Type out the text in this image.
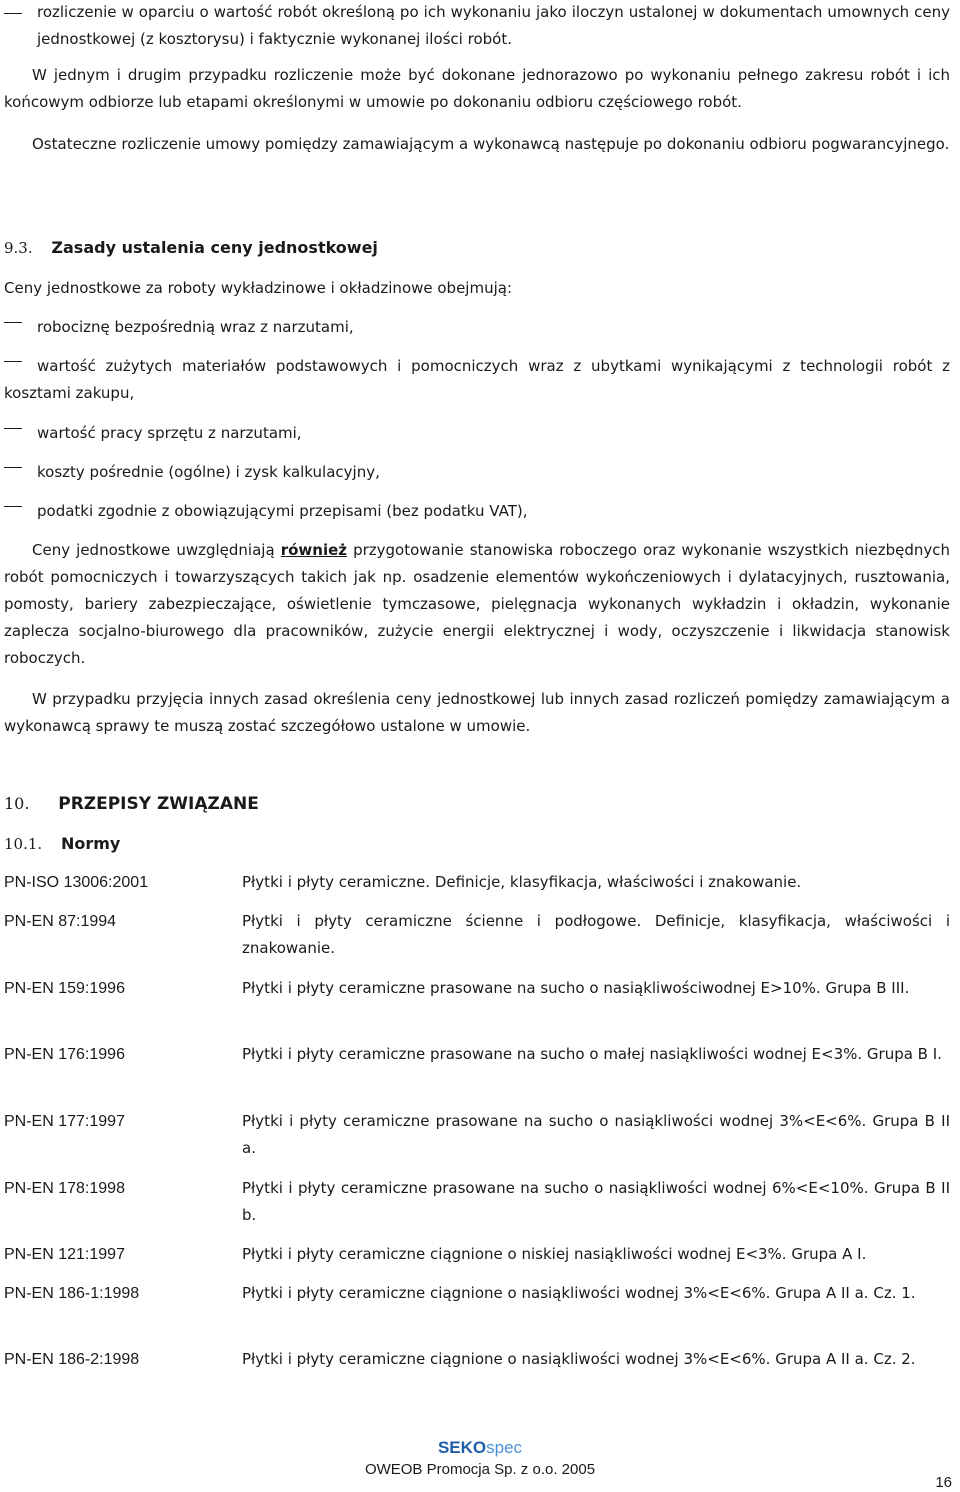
rozliczenie w oparciu o wartość robót określoną po ich wykonaniu jako iloczyn ustalonej w dokumentach umownych ceny jednostkowej (z kosztorysu) i faktycznie wykonanej ilości robót.
W jednym i drugim przypadku rozliczenie może być dokonane jednorazowo po wykonaniu pełnego zakresu robót i ich końcowym odbiorze lub etapami określonymi w umowie po dokonaniu odbioru częściowego robót.
Ostateczne rozliczenie umowy pomiędzy zamawiającym a wykonawcą następuje po dokonaniu odbioru pogwarancyjnego.
9.3. Zasady ustalenia ceny jednostkowej
Ceny jednostkowe za roboty wykładzinowe i okładzinowe obejmują:
robociznę bezpośrednią wraz z narzutami,
wartość zużytych materiałów podstawowych i pomocniczych wraz z ubytkami wynikającymi z technologii robót z kosztami zakupu,
wartość pracy sprzętu z narzutami,
koszty pośrednie (ogólne) i zysk kalkulacyjny,
podatki zgodnie z obowiązującymi przepisami (bez podatku VAT),
Ceny jednostkowe uwzględniają również przygotowanie stanowiska roboczego oraz wykonanie wszystkich niezbędnych robót pomocniczych i towarzyszących takich jak np. osadzenie elementów wykończeniowych i dylatacyjnych, rusztowania, pomosty, bariery zabezpieczające, oświetlenie tymczasowe, pielęgnacja wykonanych wykładzin i okładzin, wykonanie zaplecza socjalno-biurowego dla pracowników, zużycie energii elektrycznej i wody, oczyszczenie i likwidacja stanowisk roboczych.
W przypadku przyjęcia innych zasad określenia ceny jednostkowej lub innych zasad rozliczeń pomiędzy zamawiającym a wykonawcą sprawy te muszą zostać szczegółowo ustalone w umowie.
10. PRZEPISY ZWIĄZANE
10.1. Normy
PN-ISO 13006:2001	Płytki i płyty ceramiczne. Definicje, klasyfikacja, właściwości i znakowanie.
PN-EN 87:1994	Płytki i płyty ceramiczne ścienne i podłogowe. Definicje, klasyfikacja, właściwości i znakowanie.
PN-EN 159:1996	Płytki i płyty ceramiczne prasowane na sucho o nasiąkliwościwodnej E>10%. Grupa B III.
PN-EN 176:1996	Płytki i płyty ceramiczne prasowane na sucho o małej nasiąkliwości wodnej E<3%. Grupa B I.
PN-EN 177:1997	Płytki i płyty ceramiczne prasowane na sucho o nasiąkliwości wodnej 3%<E<6%. Grupa B II a.
PN-EN 178:1998	Płytki i płyty ceramiczne prasowane na sucho o nasiąkliwości wodnej 6%<E<10%. Grupa B II b.
PN-EN 121:1997	Płytki i płyty ceramiczne ciągnione o niskiej nasiąkliwości wodnej E<3%. Grupa A I.
PN-EN 186-1:1998	Płytki i płyty ceramiczne ciągnione o nasiąkliwości wodnej 3%<E<6%. Grupa A II a. Cz. 1.
PN-EN 186-2:1998	Płytki i płyty ceramiczne ciągnione o nasiąkliwości wodnej 3%<E<6%. Grupa A II a. Cz. 2.
SEKOspec
OWEOB Promocja Sp. z o.o. 2005
16
